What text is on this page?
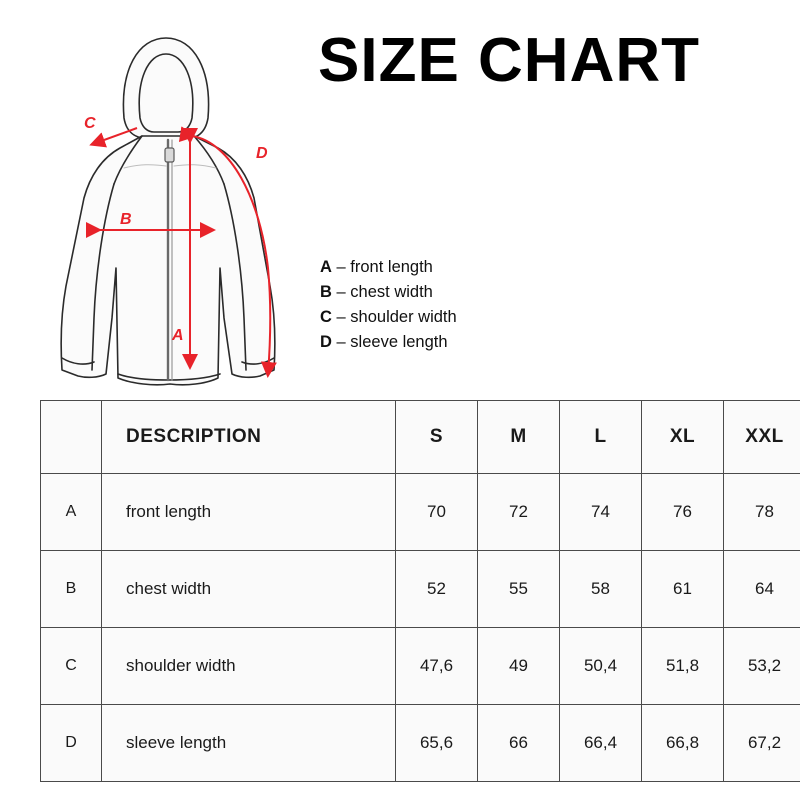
SIZE CHART
C
D
B
A
A – front length
B – chest width
C – shoulder width
D – sleeve length
	DESCRIPTION	S	M	L	XL	XXL
A	front length	70	72	74	76	78
B	chest width	52	55	58	61	64
C	shoulder width	47,6	49	50,4	51,8	53,2
D	sleeve length	65,6	66	66,4	66,8	67,2
